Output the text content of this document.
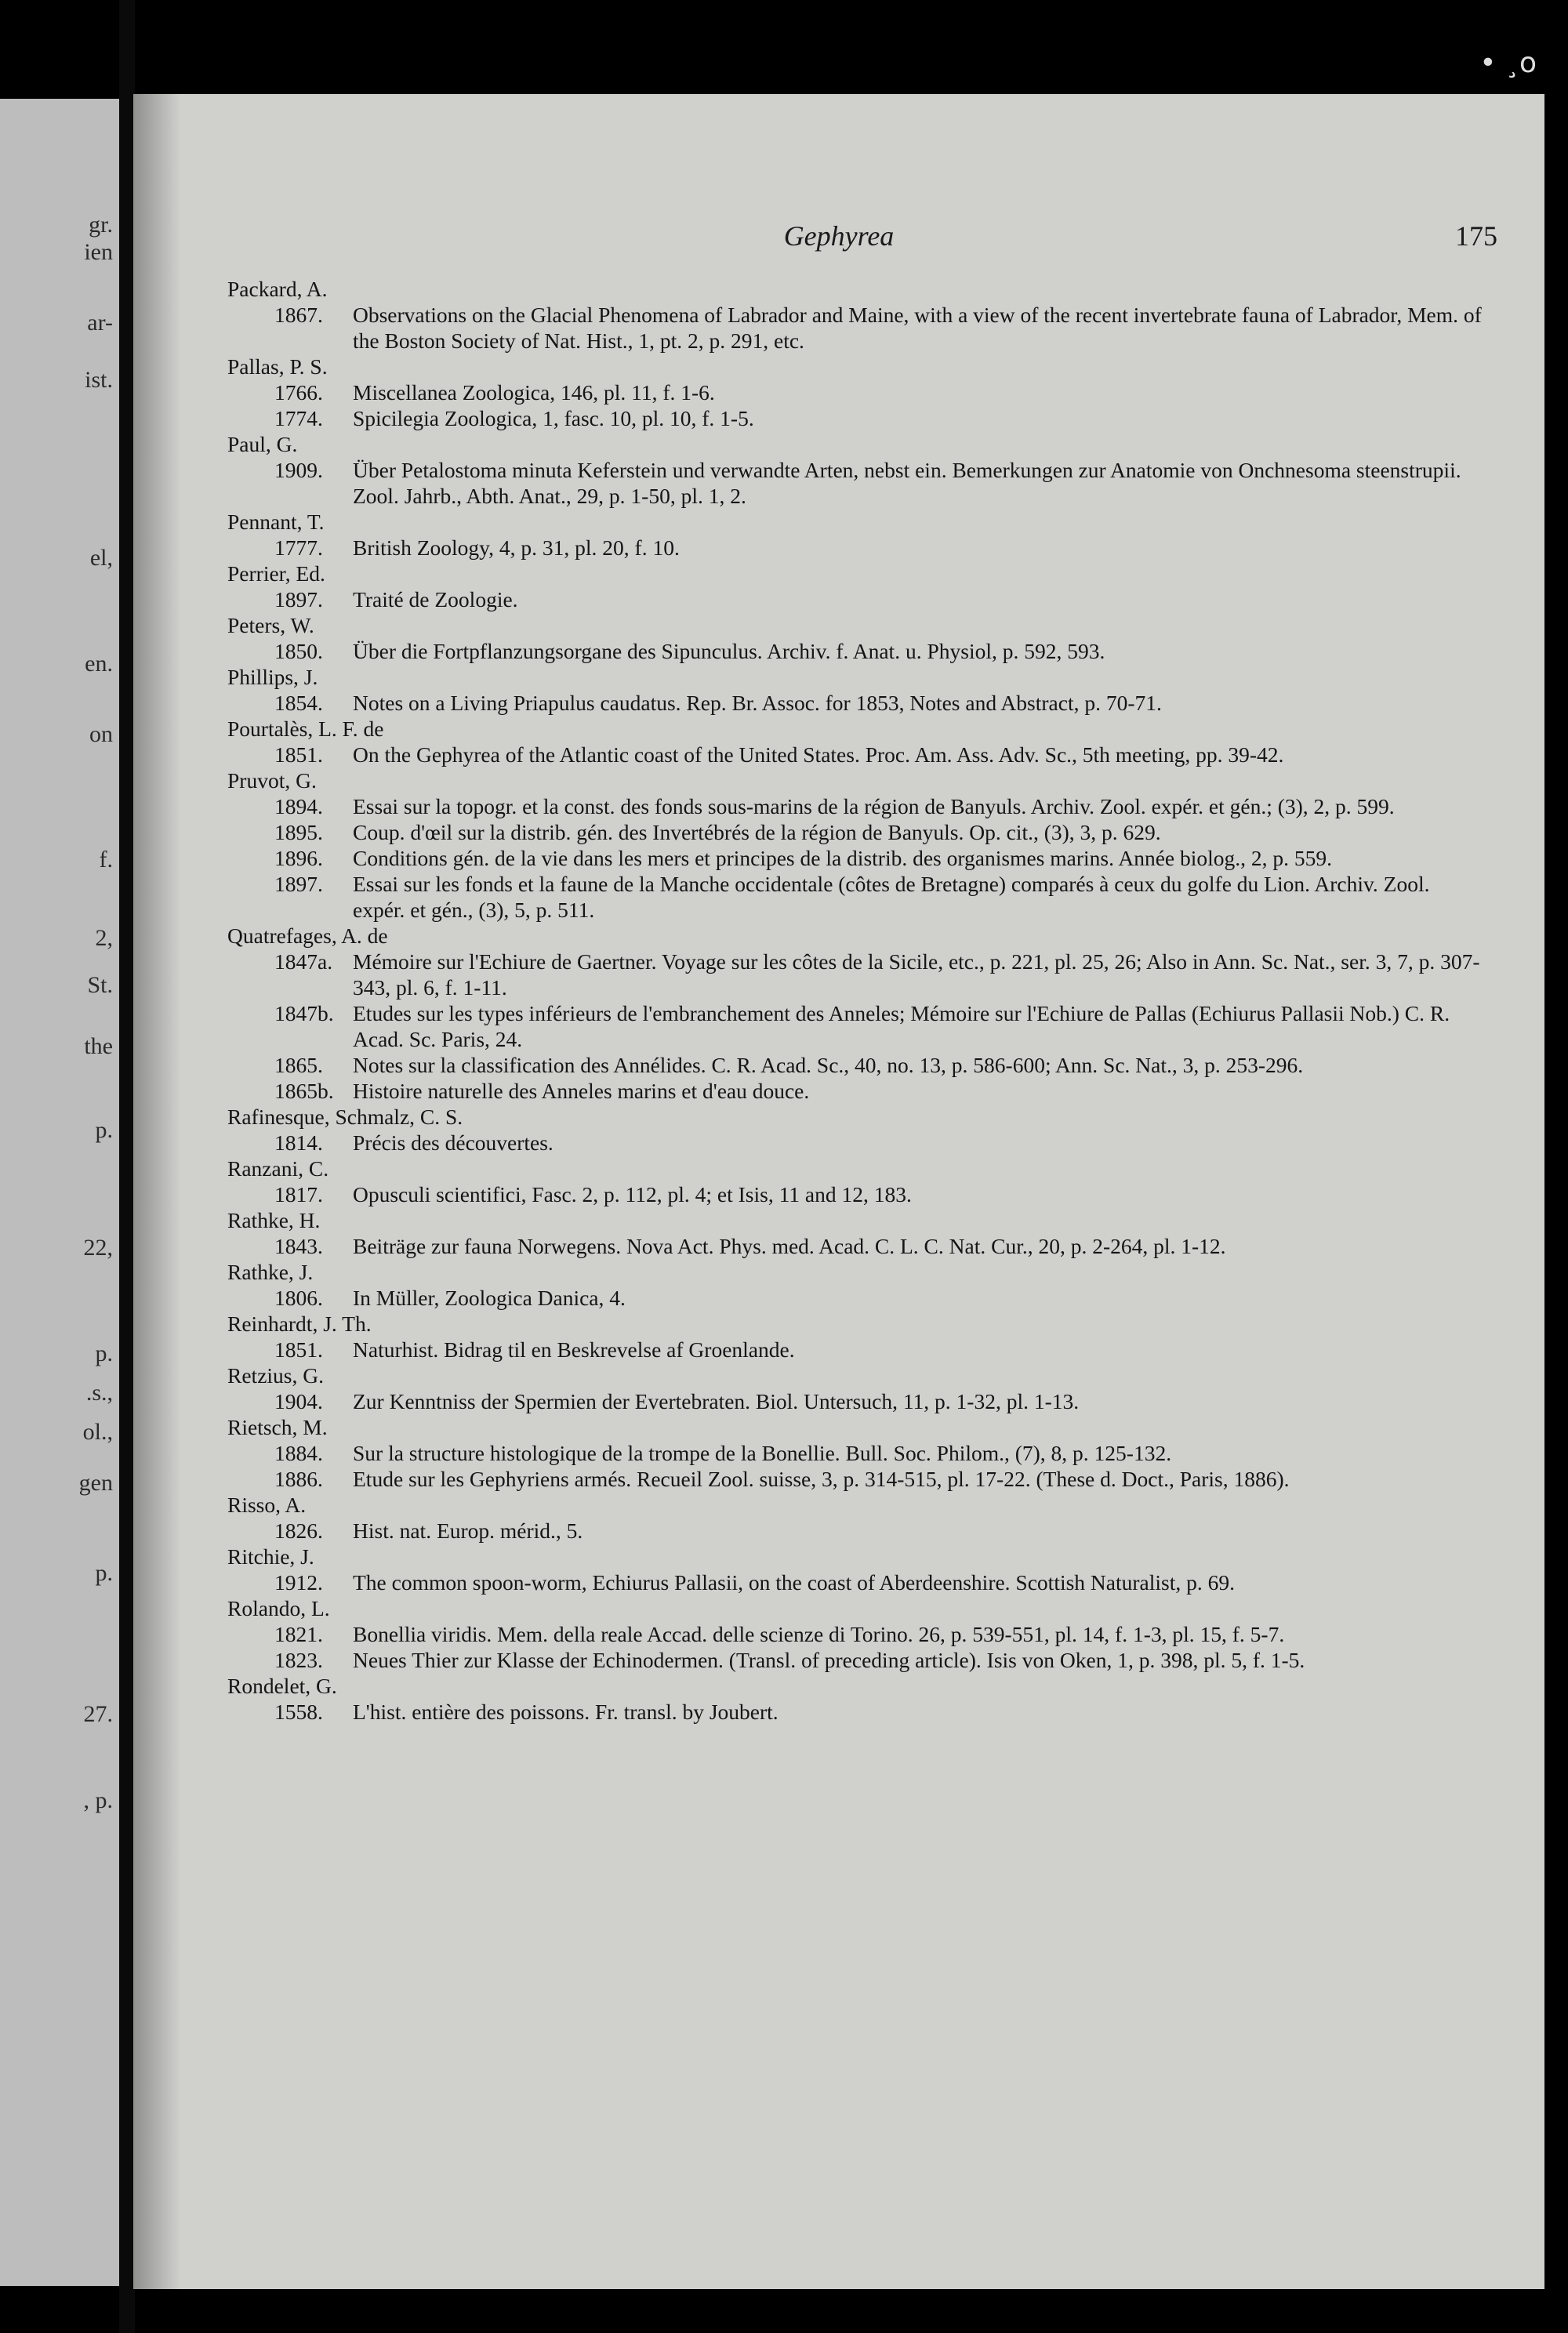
gr.
ien
ar-
ist.
el,
en.
on
f.
2,
St.
the
p.
22,
p.
.s.,
ol.,
gen
p.
27.
, p.
Gephyrea	175
Packard, A.
1867. Observations on the Glacial Phenomena of Labrador and Maine, with a view of the recent invertebrate fauna of Labrador, Mem. of the Boston Society of Nat. Hist., 1, pt. 2, p. 291, etc.
Pallas, P. S.
1766. Miscellanea Zoologica, 146, pl. 11, f. 1-6.
1774. Spicilegia Zoologica, 1, fasc. 10, pl. 10, f. 1-5.
Paul, G.
1909. Über Petalostoma minuta Keferstein und verwandte Arten, nebst ein. Bemerkungen zur Anatomie von Onchnesoma steenstrupii. Zool. Jahrb., Abth. Anat., 29, p. 1-50, pl. 1, 2.
Pennant, T.
1777. British Zoology, 4, p. 31, pl. 20, f. 10.
Perrier, Ed.
1897. Traité de Zoologie.
Peters, W.
1850. Über die Fortpflanzungsorgane des Sipunculus. Archiv. f. Anat. u. Physiol, p. 592, 593.
Phillips, J.
1854. Notes on a Living Priapulus caudatus. Rep. Br. Assoc. for 1853, Notes and Abstract, p. 70-71.
Pourtalès, L. F. de
1851. On the Gephyrea of the Atlantic coast of the United States. Proc. Am. Ass. Adv. Sc., 5th meeting, pp. 39-42.
Pruvot, G.
1894. Essai sur la topogr. et la const. des fonds sous-marins de la région de Banyuls. Archiv. Zool. expér. et gén.; (3), 2, p. 599.
1895. Coup. d'œil sur la distrib. gén. des Invertébrés de la région de Banyuls. Op. cit., (3), 3, p. 629.
1896. Conditions gén. de la vie dans les mers et principes de la distrib. des organismes marins. Année biolog., 2, p. 559.
1897. Essai sur les fonds et la faune de la Manche occidentale (côtes de Bretagne) comparés à ceux du golfe du Lion. Archiv. Zool. expér. et gén., (3), 5, p. 511.
Quatrefages, A. de
1847a. Mémoire sur l'Echiure de Gaertner. Voyage sur les côtes de la Sicile, etc., p. 221, pl. 25, 26; Also in Ann. Sc. Nat., ser. 3, 7, p. 307-343, pl. 6, f. 1-11.
1847b. Etudes sur les types inférieurs de l'embranchement des Anneles; Mémoire sur l'Echiure de Pallas (Echiurus Pallasii Nob.) C. R. Acad. Sc. Paris, 24.
1865. Notes sur la classification des Annélides. C. R. Acad. Sc., 40, no. 13, p. 586-600; Ann. Sc. Nat., 3, p. 253-296.
1865b. Histoire naturelle des Anneles marins et d'eau douce.
Rafinesque, Schmalz, C. S.
1814. Précis des découvertes.
Ranzani, C.
1817. Opusculi scientifici, Fasc. 2, p. 112, pl. 4; et Isis, 11 and 12, 183.
Rathke, H.
1843. Beiträge zur fauna Norwegens. Nova Act. Phys. med. Acad. C. L. C. Nat. Cur., 20, p. 2-264, pl. 1-12.
Rathke, J.
1806. In Müller, Zoologica Danica, 4.
Reinhardt, J. Th.
1851. Naturhist. Bidrag til en Beskrevelse af Groenlande.
Retzius, G.
1904. Zur Kenntniss der Spermien der Evertebraten. Biol. Untersuch, 11, p. 1-32, pl. 1-13.
Rietsch, M.
1884. Sur la structure histologique de la trompe de la Bonellie. Bull. Soc. Philom., (7), 8, p. 125-132.
1886. Etude sur les Gephyriens armés. Recueil Zool. suisse, 3, p. 314-515, pl. 17-22. (These d. Doct., Paris, 1886).
Risso, A.
1826. Hist. nat. Europ. mérid., 5.
Ritchie, J.
1912. The common spoon-worm, Echiurus Pallasii, on the coast of Aberdeenshire. Scottish Naturalist, p. 69.
Rolando, L.
1821. Bonellia viridis. Mem. della reale Accad. delle scienze di Torino. 26, p. 539-551, pl. 14, f. 1-3, pl. 15, f. 5-7.
1823. Neues Thier zur Klasse der Echinodermen. (Transl. of preceding article). Isis von Oken, 1, p. 398, pl. 5, f. 1-5.
Rondelet, G.
1558. L'hist. entière des poissons. Fr. transl. by Joubert.
• ¸o
